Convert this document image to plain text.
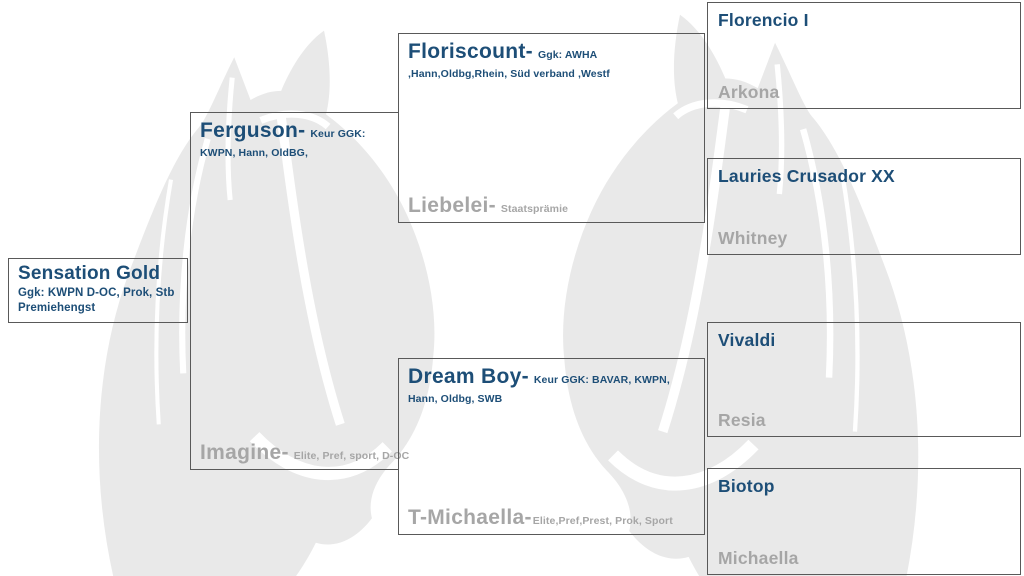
Sensation Gold
Ggk: KWPN D-OC, Prok, Stb Premiehengst
Ferguson- Keur GGK: KWPN, Hann, OldBG,
Imagine- Elite, Pref, sport, D-OC
Floriscount- Ggk: AWHA ,Hann,Oldbg,Rhein, Süd verband ,Westf
Liebelei- Staatsprämie
Dream Boy- Keur GGK: BAVAR, KWPN, Hann, Oldbg, SWB
T-Michaella-Elite,Pref,Prest, Prok, Sport
Florencio I
Arkona
Lauries Crusador XX
Whitney
Vivaldi
Resia
Biotop
Michaella
